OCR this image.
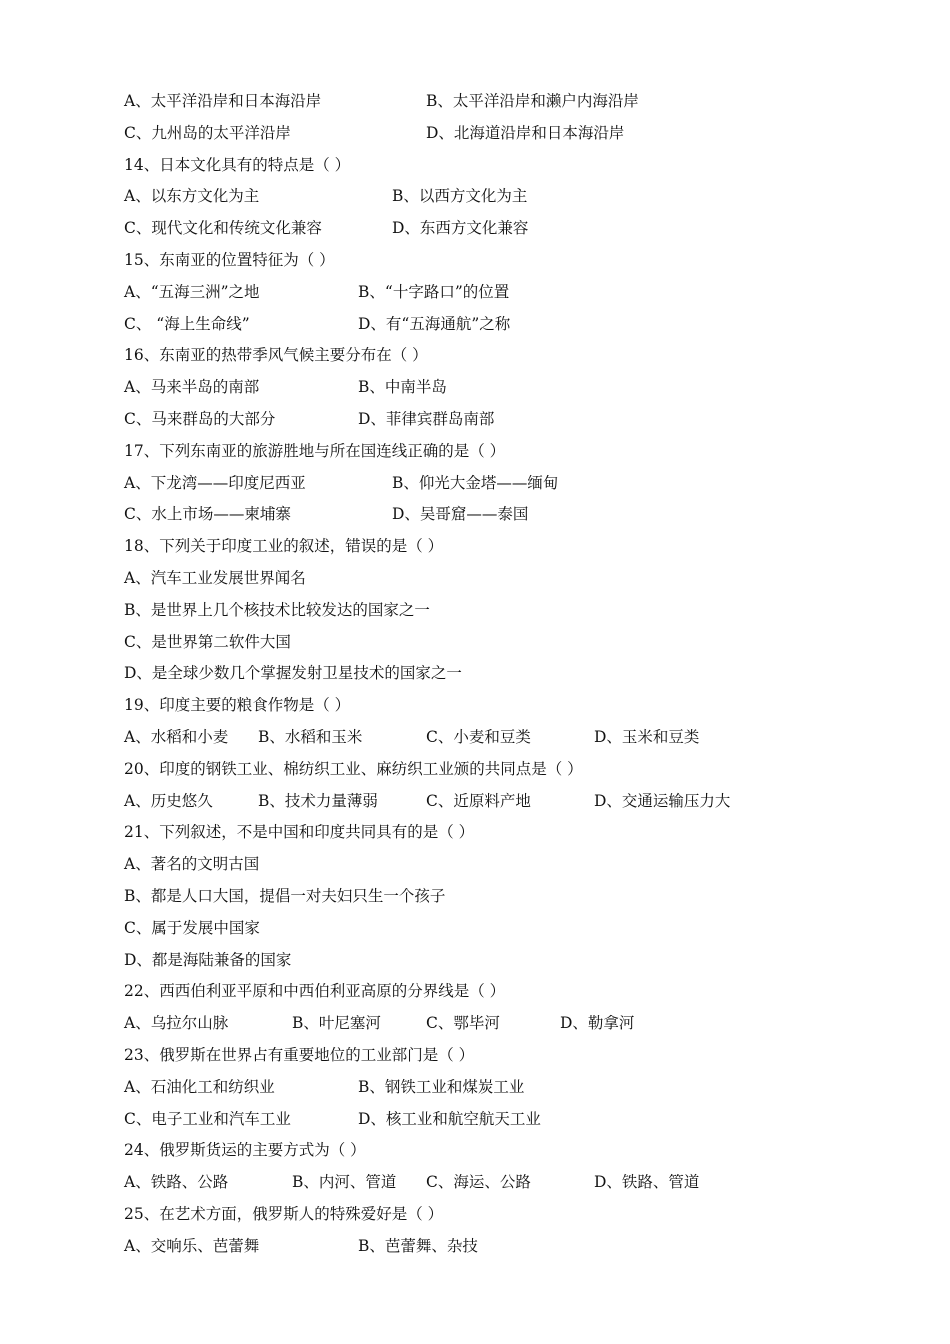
A、太平洋沿岸和日本海沿岸	B、太平洋沿岸和濑户内海沿岸
C、九州岛的太平洋沿岸	D、北海道沿岸和日本海沿岸
14、日本文化具有的特点是（ ）
A、以东方文化为主	B、以西方文化为主
C、现代文化和传统文化兼容	D、东西方文化兼容
15、东南亚的位置特征为（ ）
A、“五海三洲”之地	B、“十字路口”的位置
C、 “海上生命线”	D、有“五海通航”之称
16、东南亚的热带季风气候主要分布在（ ）
A、马来半岛的南部	B、中南半岛
C、马来群岛的大部分	D、菲律宾群岛南部
17、下列东南亚的旅游胜地与所在国连线正确的是（ ）
A、下龙湾——印度尼西亚	B、仰光大金塔——缅甸
C、水上市场——柬埔寨	D、吴哥窟——泰国
18、下列关于印度工业的叙述，错误的是（ ）
A、汽车工业发展世界闻名
B、是世界上几个核技术比较发达的国家之一
C、是世界第二软件大国
D、是全球少数几个掌握发射卫星技术的国家之一
19、印度主要的粮食作物是（ ）
A、水稻和小麦 B、水稻和玉米	C、小麦和豆类	D、玉米和豆类
20、印度的钢铁工业、棉纺织工业、麻纺织工业颁的共同点是（ ）
A、历史悠久	B、技术力量薄弱	C、近原料产地	D、交通运输压力大
21、下列叙述，不是中国和印度共同具有的是（ ）
A、著名的文明古国
B、都是人口大国，提倡一对夫妇只生一个孩子
C、属于发展中国家
D、都是海陆兼备的国家
22、西西伯利亚平原和中西伯利亚高原的分界线是（ ）
A、乌拉尔山脉	B、叶尼塞河	C、鄂毕河	D、勒拿河
23、俄罗斯在世界占有重要地位的工业部门是（ ）
A、石油化工和纺织业	B、钢铁工业和煤炭工业
C、电子工业和汽车工业	D、核工业和航空航天工业
24、俄罗斯货运的主要方式为（ ）
A、铁路、公路	B、内河、管道 C、海运、公路	D、铁路、管道
25、在艺术方面，俄罗斯人的特殊爱好是（ ）
A、交响乐、芭蕾舞	B、芭蕾舞、杂技
